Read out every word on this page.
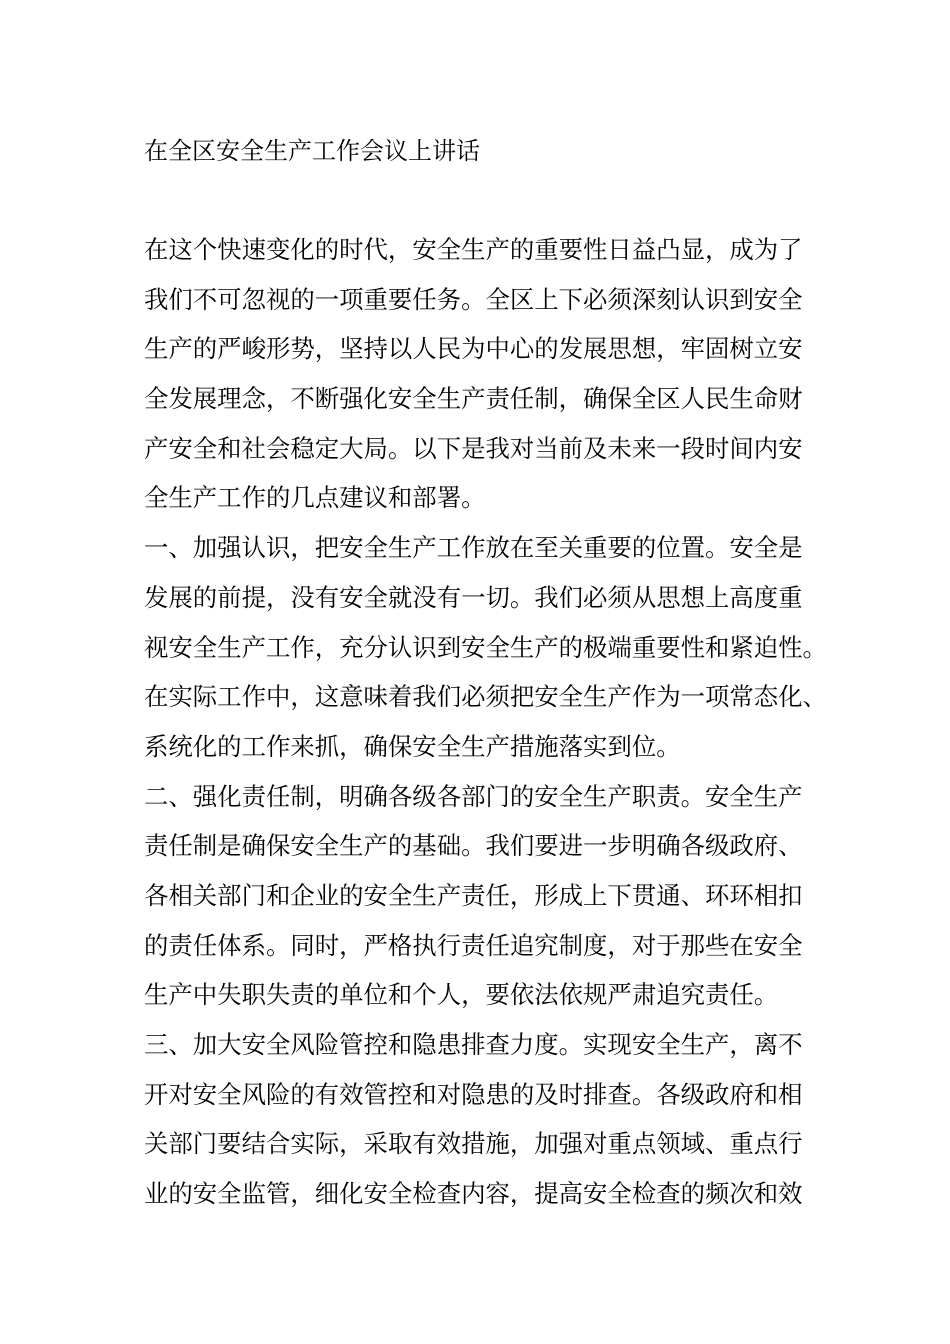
在全区安全生产工作会议上讲话
在这个快速变化的时代，安全生产的重要性日益凸显，成为了
我们不可忽视的一项重要任务。全区上下必须深刻认识到安全
生产的严峻形势，坚持以人民为中心的发展思想，牢固树立安
全发展理念，不断强化安全生产责任制，确保全区人民生命财
产安全和社会稳定大局。以下是我对当前及未来一段时间内安
全生产工作的几点建议和部署。
一、加强认识，把安全生产工作放在至关重要的位置。安全是
发展的前提，没有安全就没有一切。我们必须从思想上高度重
视安全生产工作，充分认识到安全生产的极端重要性和紧迫性。
在实际工作中，这意味着我们必须把安全生产作为一项常态化、
系统化的工作来抓，确保安全生产措施落实到位。
二、强化责任制，明确各级各部门的安全生产职责。安全生产
责任制是确保安全生产的基础。我们要进一步明确各级政府、
各相关部门和企业的安全生产责任，形成上下贯通、环环相扣
的责任体系。同时，严格执行责任追究制度，对于那些在安全
生产中失职失责的单位和个人，要依法依规严肃追究责任。
三、加大安全风险管控和隐患排查力度。实现安全生产，离不
开对安全风险的有效管控和对隐患的及时排查。各级政府和相
关部门要结合实际，采取有效措施，加强对重点领域、重点行
业的安全监管，细化安全检查内容，提高安全检查的频次和效
